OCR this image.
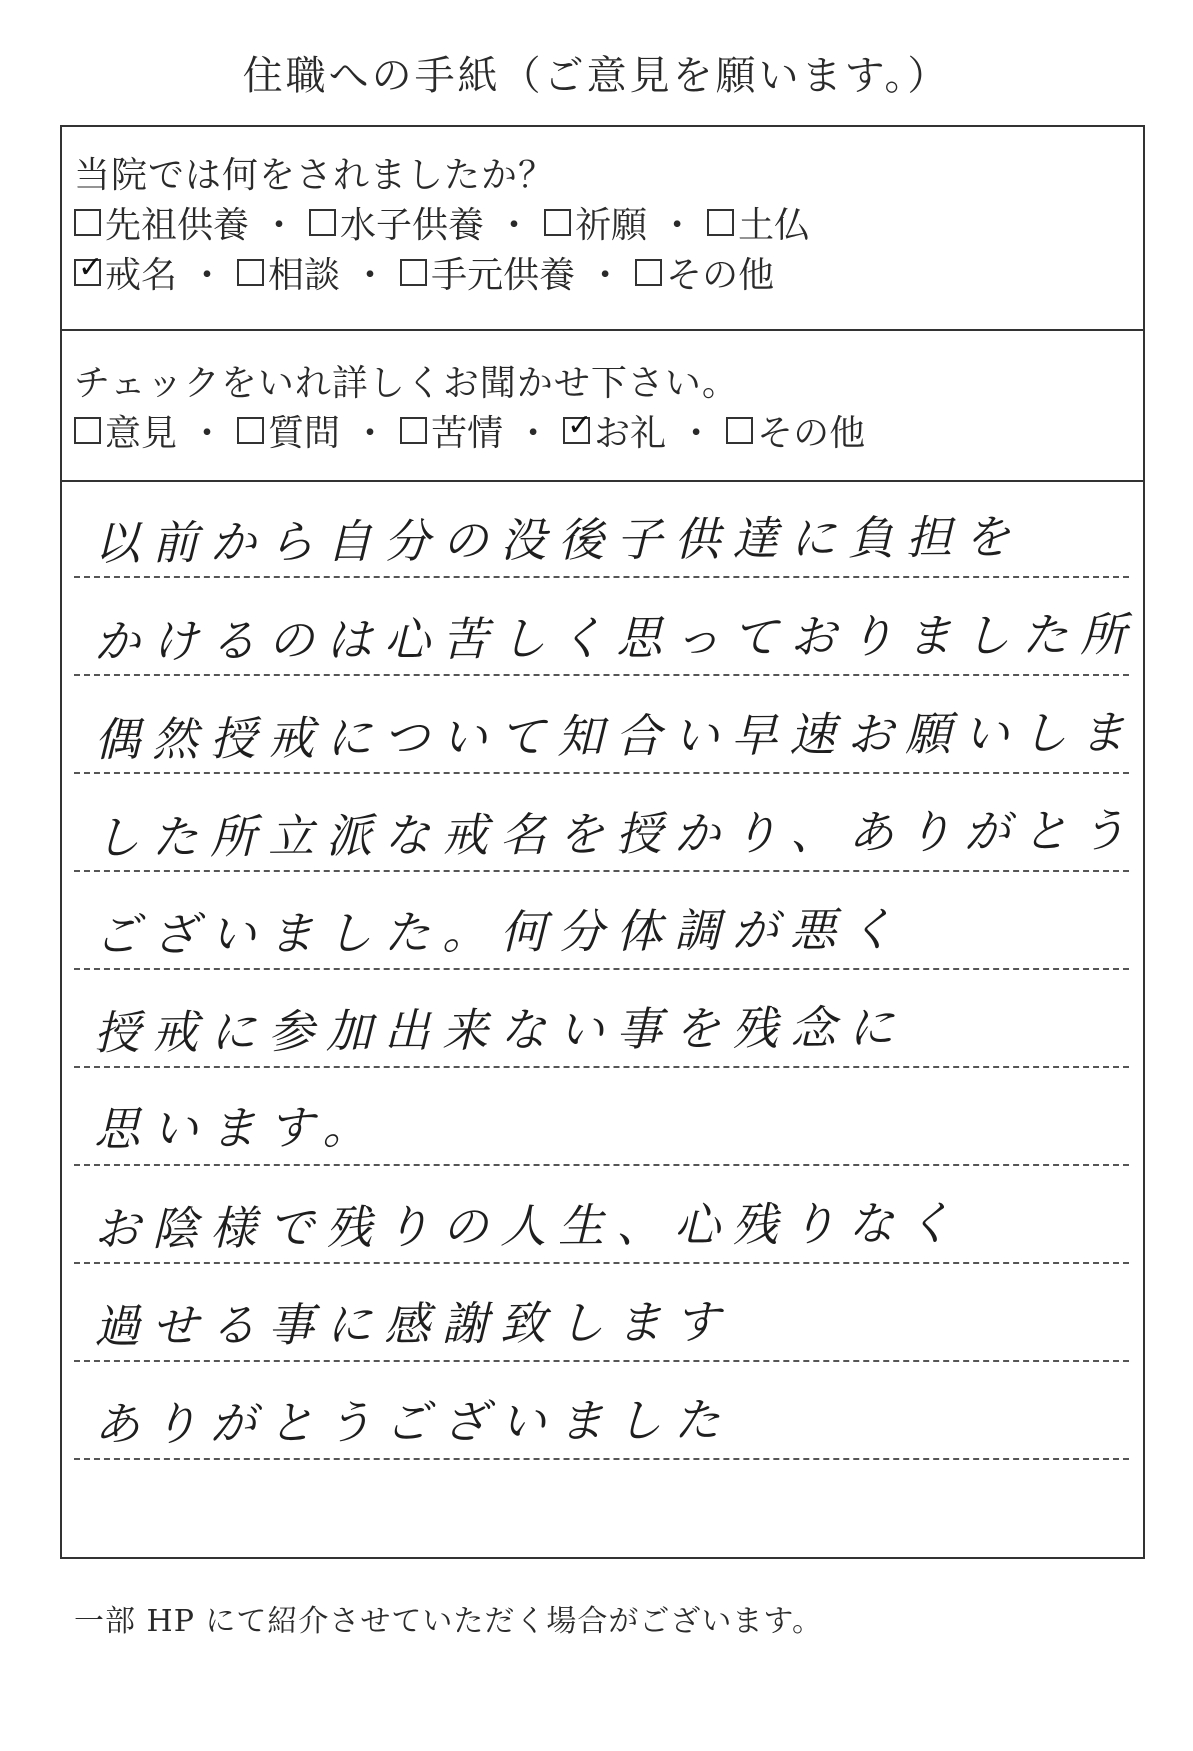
住職への手紙（ご意見を願います。）
当院では何をされましたか？
先祖供養 ・ 水子供養 ・ 祈願 ・ 土仏
✓ 戒名 ・ 相談 ・ 手元供養 ・ その他
チェックをいれ詳しくお聞かせ下さい。
意見 ・ 質問 ・ 苦情 ・ ✓ お礼 ・ その他
以前から自分の没後子供達に負担を
かけるのは心苦しく思っておりました所
偶然授戒について知合い早速お願いしま
した所立派な戒名を授かり、ありがとう
ございました。何分体調が悪く
授戒に参加出来ない事を残念に
思います。
お陰様で残りの人生、心残りなく
過せる事に感謝致します
ありがとうございました
一部 HP にて紹介させていただく場合がございます。
